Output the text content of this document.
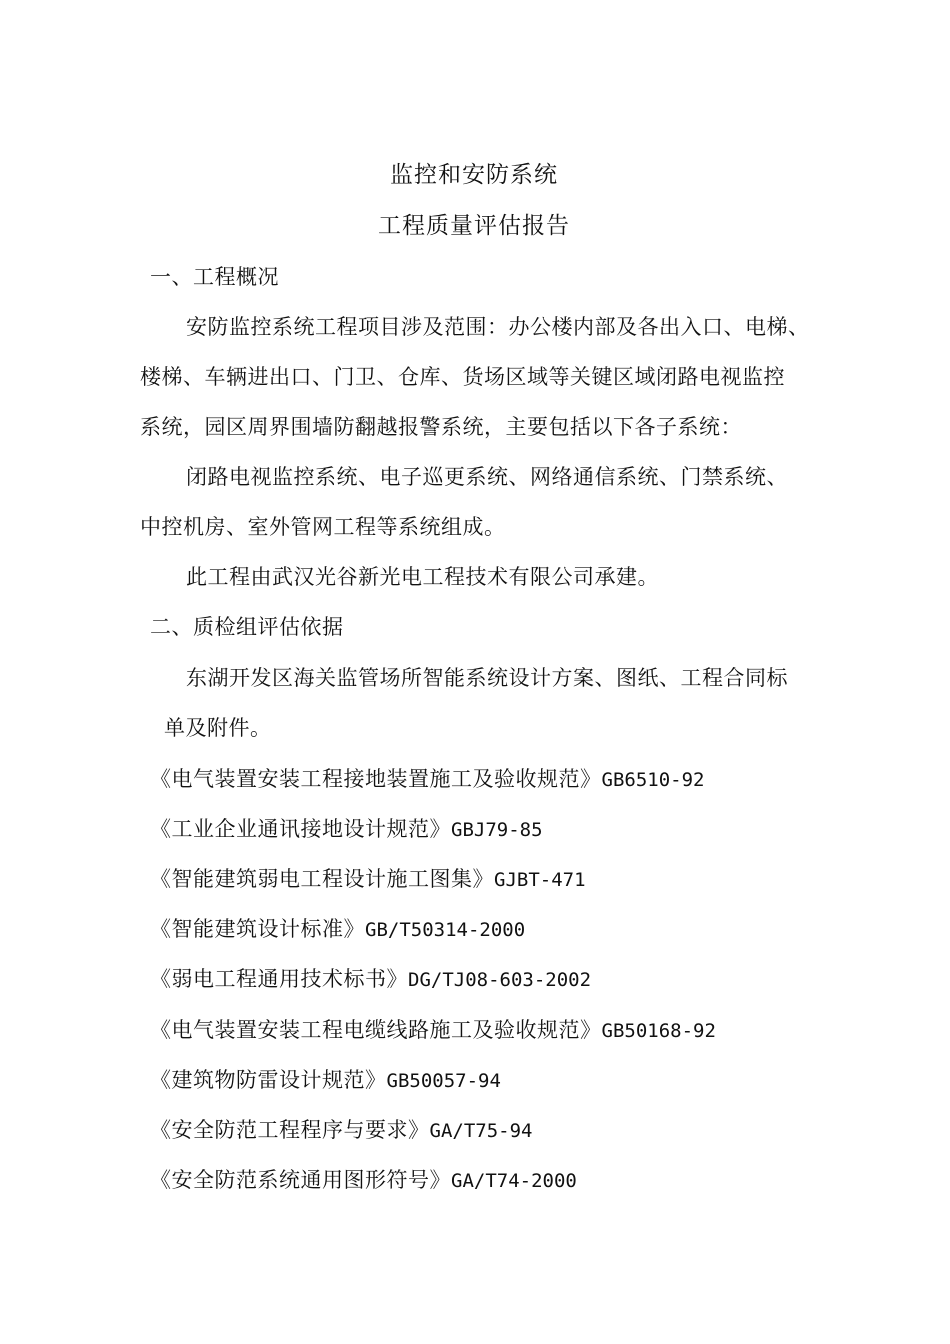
监控和安防系统
工程质量评估报告
一、工程概况
安防监控系统工程项目涉及范围：办公楼内部及各出入口、电梯、
楼梯、车辆进出口、门卫、仓库、货场区域等关键区域闭路电视监控
系统，园区周界围墙防翻越报警系统，主要包括以下各子系统：
闭路电视监控系统、电子巡更系统、网络通信系统、门禁系统、
中控机房、室外管网工程等系统组成。
此工程由武汉光谷新光电工程技术有限公司承建。
二、质检组评估依据
东湖开发区海关监管场所智能系统设计方案、图纸、工程合同标
单及附件。
《电气装置安装工程接地装置施工及验收规范》GB6510-92
《工业企业通讯接地设计规范》GBJ79-85
《智能建筑弱电工程设计施工图集》GJBT-471
《智能建筑设计标准》GB/T50314-2000
《弱电工程通用技术标书》DG/TJ08-603-2002
《电气装置安装工程电缆线路施工及验收规范》GB50168-92
《建筑物防雷设计规范》GB50057-94
《安全防范工程程序与要求》GA/T75-94
《安全防范系统通用图形符号》GA/T74-2000
